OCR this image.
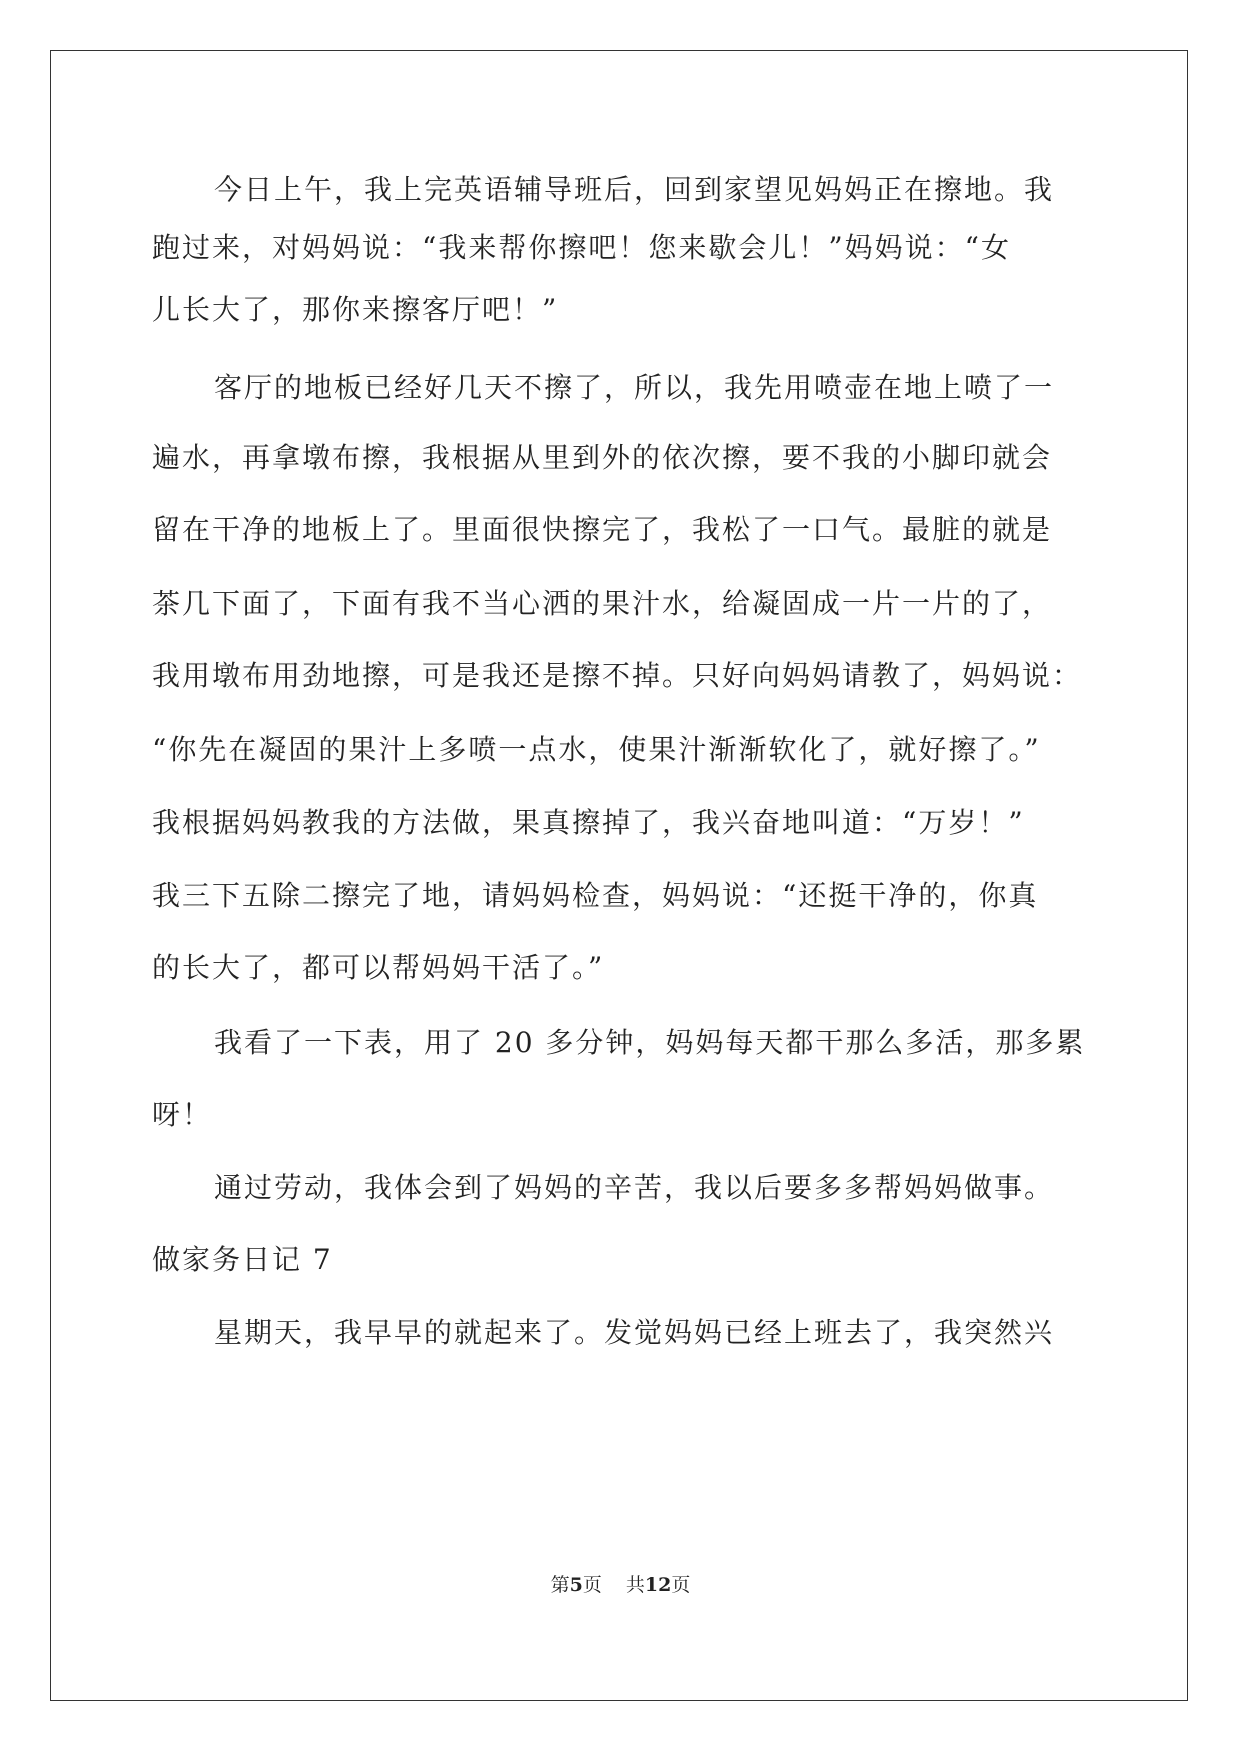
今日上午，我上完英语辅导班后，回到家望见妈妈正在擦地。我
跑过来，对妈妈说：“我来帮你擦吧！您来歇会儿！”妈妈说：“女
儿长大了，那你来擦客厅吧！”
客厅的地板已经好几天不擦了，所以，我先用喷壶在地上喷了一
遍水，再拿墩布擦，我根据从里到外的依次擦，要不我的小脚印就会
留在干净的地板上了。里面很快擦完了，我松了一口气。最脏的就是
茶几下面了，下面有我不当心洒的果汁水，给凝固成一片一片的了，
我用墩布用劲地擦，可是我还是擦不掉。只好向妈妈请教了，妈妈说：
“你先在凝固的果汁上多喷一点水，使果汁渐渐软化了，就好擦了。”
我根据妈妈教我的方法做，果真擦掉了，我兴奋地叫道：“万岁！”
我三下五除二擦完了地，请妈妈检查，妈妈说：“还挺干净的，你真
的长大了，都可以帮妈妈干活了。”
我看了一下表，用了 20 多分钟，妈妈每天都干那么多活，那多累
呀！
通过劳动，我体会到了妈妈的辛苦，我以后要多多帮妈妈做事。
做家务日记 7
星期天，我早早的就起来了。发觉妈妈已经上班去了，我突然兴
第5页 共12页
